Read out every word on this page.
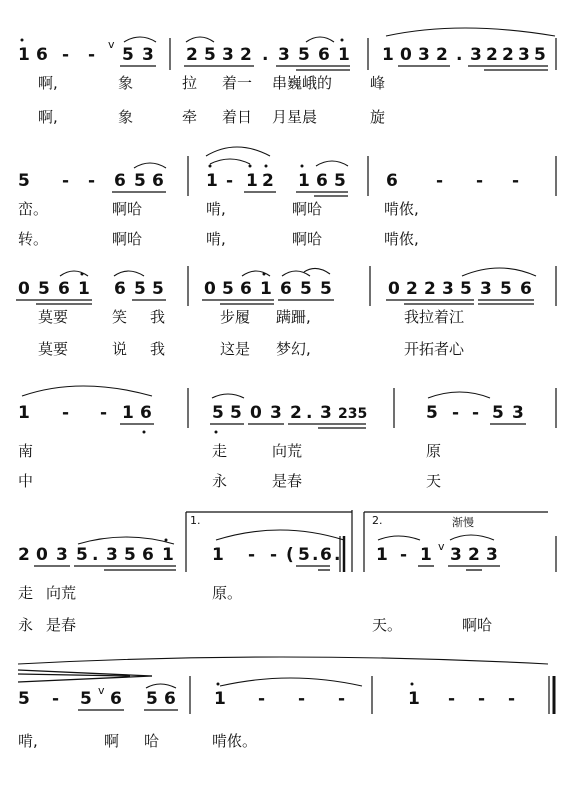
1 6 - -
v
5 3 2 5 3 2 . 3 5 6 1 1 0 3 2 . 3 2 2 3 5
啊,	象	拉 着一 串巍峨的	峰
啊,	象	牵 着日 月星晨	旋
5 - - 6 5 6 1 - 1 2 1 6 5 6 - - -
峦。	啊哈	啃,	啊哈	啃侬,
转。	啊哈	啃,	啊哈	啃侬,
0 5 6 1 6 5 5 0 5 6 1 6 5 5	0 2 2 3 5 3 5 6
莫要	笑 我	步履 蹒跚,	我拉着江
莫要	说 我	这是 梦幻,	开拓者心
1 - - 1 6	5 5 0 3 2 . 3 235	5 - - 5 3
南	走	向荒	原
中	永	是春	天
2 0 3 5 . 3 5 6 1
1.
1 - - ( 5 . 6 .
2.	渐慢
1 - 1 v 3 2 3
走 向荒	原。
永 是春	天。	啊哈
5 - 5 v 6 5 6 1 - - -	1 - - -
啃,	啊 哈	啃侬。
